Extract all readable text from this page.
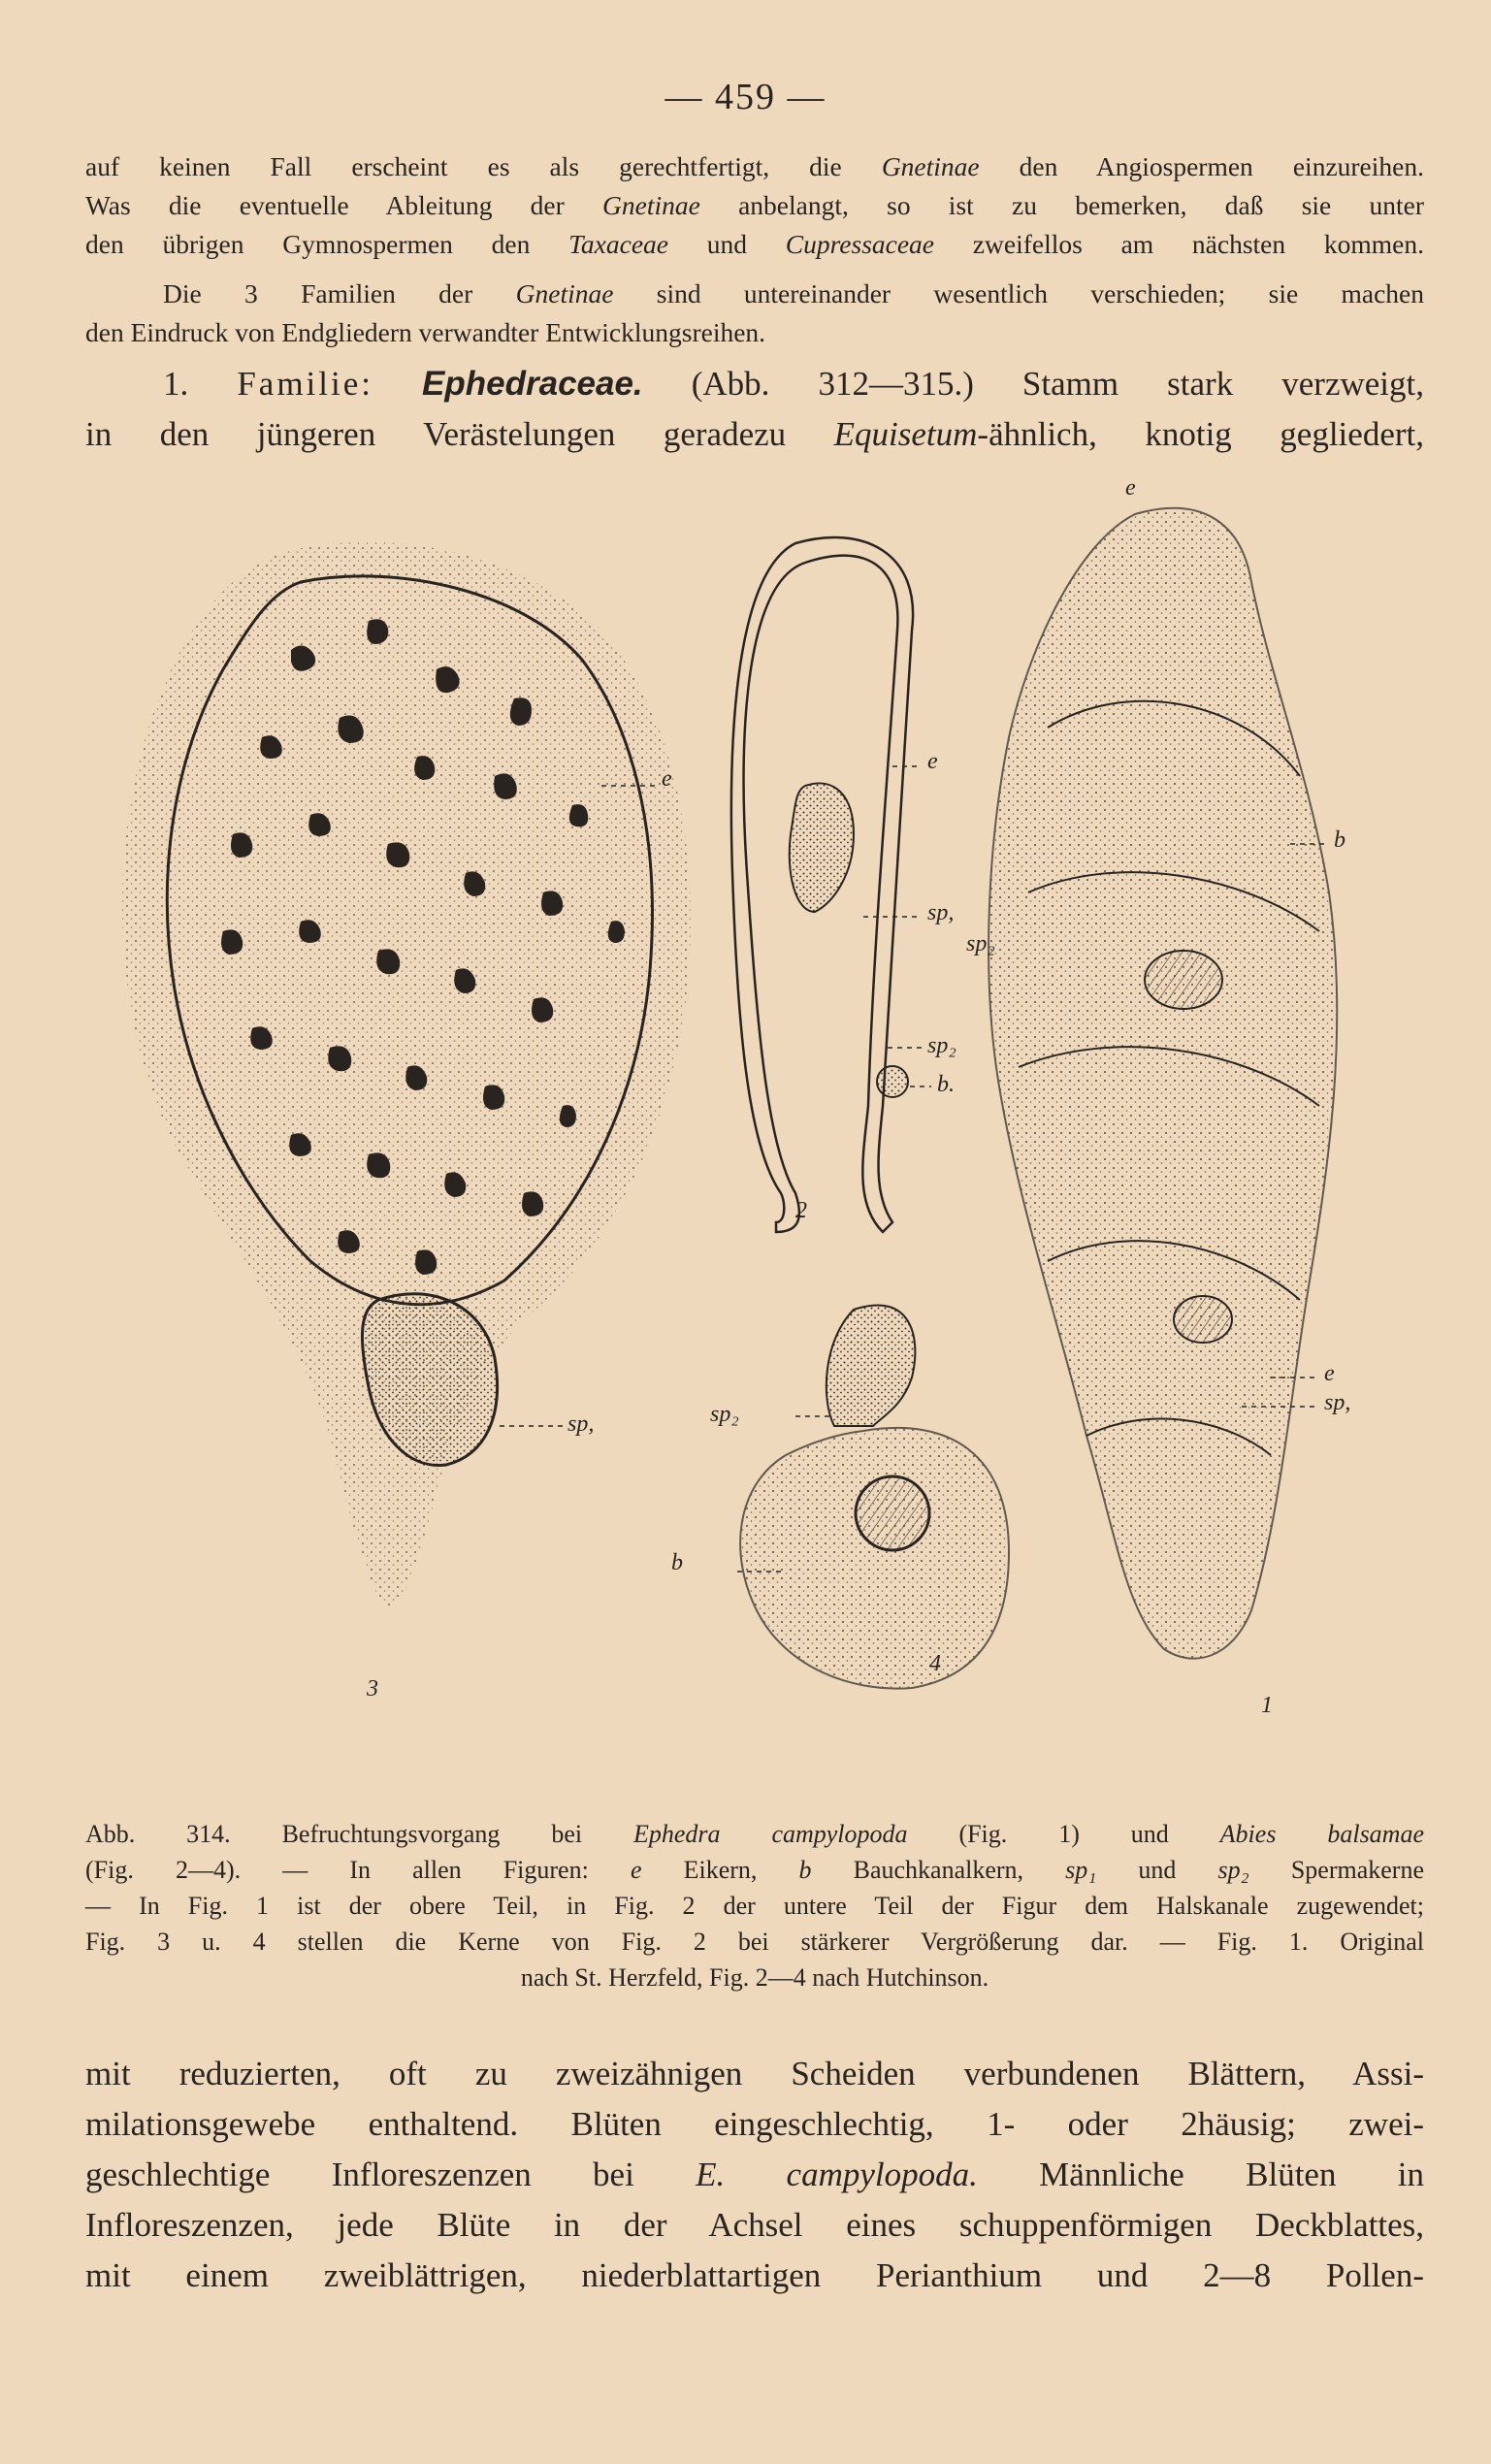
— 459 —
auf keinen Fall erscheint es als gerechtfertigt, die Gnetinae den Angiospermen einzureihen.
Was die eventuelle Ableitung der Gnetinae anbelangt, so ist zu bemerken, daß sie unter
den übrigen Gymnospermen den Taxaceae und Cupressaceae zweifellos am nächsten kommen.
Die 3 Familien der Gnetinae sind untereinander wesentlich verschieden; sie machen
den Eindruck von Endgliedern verwandter Entwicklungsreihen.
1. Familie: Ephedraceae. (Abb. 312—315.) Stamm stark verzweigt,
in den jüngeren Verästelungen geradezu Equisetum-ähnlich, knotig gegliedert,
e
sp,
3
e
sp,
sp₂
sp₂
b.
2
sp₂
b
4
e
b
e
sp,
1
Abb. 314. Befruchtungsvorgang bei Ephedra campylopoda (Fig. 1) und Abies balsamae
(Fig. 2—4). — In allen Figuren: e Eikern, b Bauchkanalkern, sp₁ und sp₂ Spermakerne
— In Fig. 1 ist der obere Teil, in Fig. 2 der untere Teil der Figur dem Halskanale zugewendet;
Fig. 3 u. 4 stellen die Kerne von Fig. 2 bei stärkerer Vergrößerung dar. — Fig. 1. Original
nach St. Herzfeld, Fig. 2—4 nach Hutchinson.
mit reduzierten, oft zu zweizähnigen Scheiden verbundenen Blättern, Assi-
milationsgewebe enthaltend. Blüten eingeschlechtig, 1- oder 2häusig; zwei-
geschlechtige Infloreszenzen bei E. campylopoda. Männliche Blüten in
Infloreszenzen, jede Blüte in der Achsel eines schuppenförmigen Deckblattes,
mit einem zweiblättrigen, niederblattartigen Perianthium und 2—8 Pollen-
